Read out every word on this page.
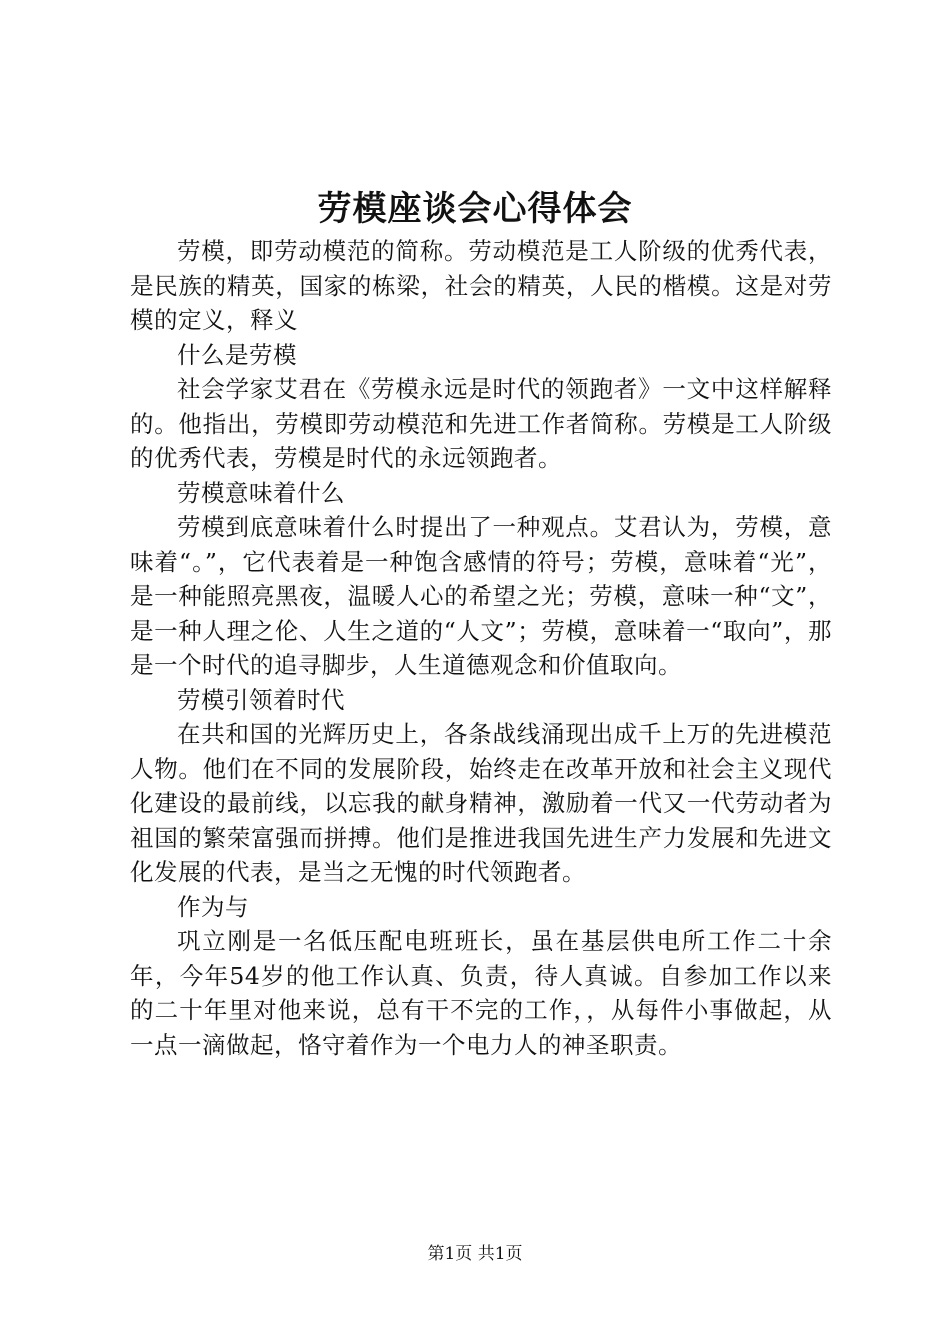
劳模座谈会心得体会

劳模，即劳动模范的简称。劳动模范是工人阶级的优秀代表，是民族的精英，国家的栋梁，社会的精英，人民的楷模。这是对劳模的定义，释义

什么是劳模

社会学家艾君在《劳模永远是时代的领跑者》一文中这样解释的。他指出，劳模即劳动模范和先进工作者简称。劳模是工人阶级的优秀代表，劳模是时代的永远领跑者。

劳模意味着什么

劳模到底意味着什么时提出了一种观点。艾君认为，劳模，意味着“。”，它代表着是一种饱含感情的符号；劳模，意味着“光”，是一种能照亮黑夜，温暖人心的希望之光；劳模，意味一种“文”，是一种人理之伦、人生之道的“人文”；劳模，意味着一“取向”，那是一个时代的追寻脚步，人生道德观念和价值取向。

劳模引领着时代

在共和国的光辉历史上，各条战线涌现出成千上万的先进模范人物。他们在不同的发展阶段，始终走在改革开放和社会主义现代化建设的最前线，以忘我的献身精神，激励着一代又一代劳动者为祖国的繁荣富强而拼搏。他们是推进我国先进生产力发展和先进文化发展的代表，是当之无愧的时代领跑者。

作为与

巩立刚是一名低压配电班班长，虽在基层供电所工作二十余年，今年54岁的他工作认真、负责，待人真诚。自参加工作以来的二十年里对他来说，总有干不完的工作，，从每件小事做起，从一点一滴做起，恪守着作为一个电力人的神圣职责。

第1页 共1页
